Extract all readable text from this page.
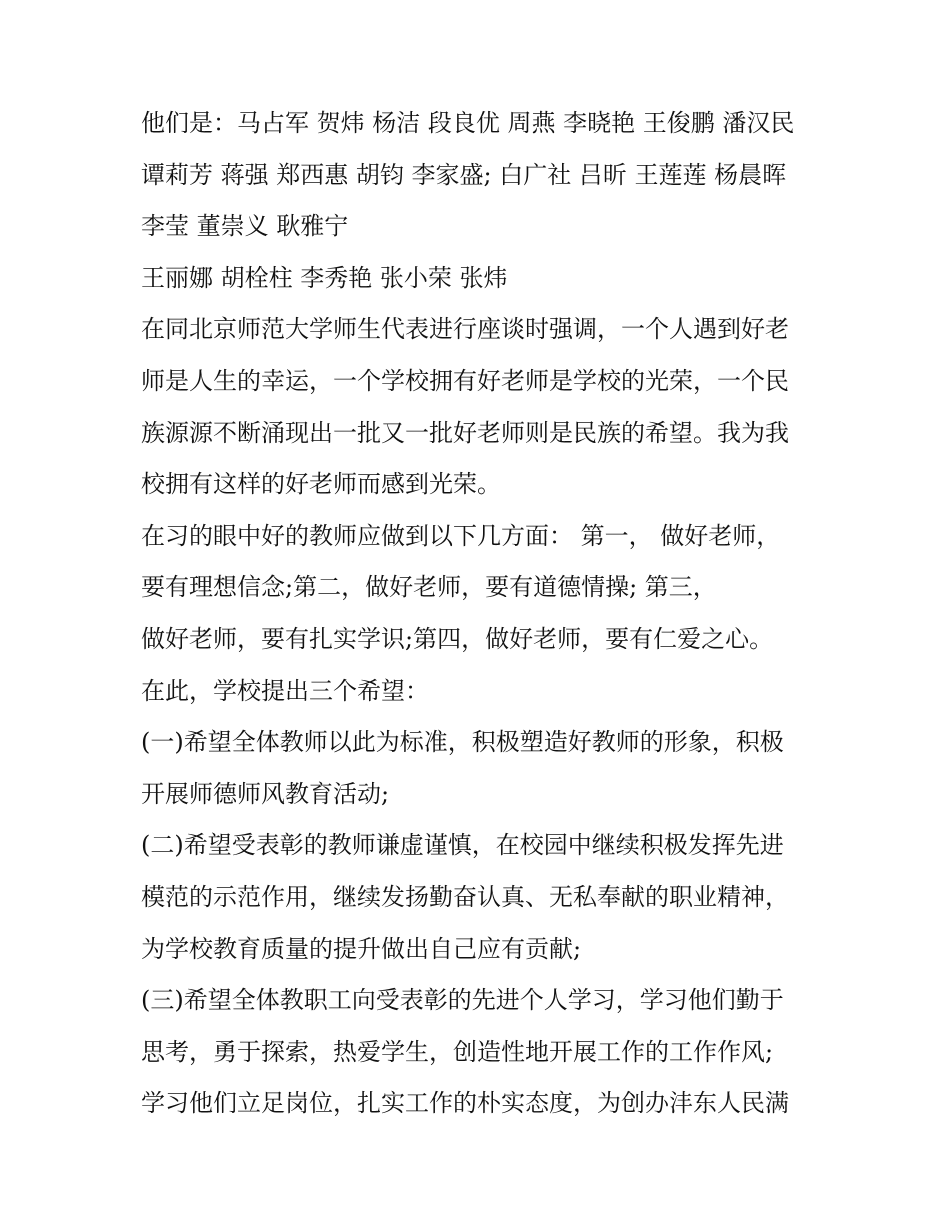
他们是：马占军 贺炜 杨洁 段良优 周燕 李晓艳 王俊鹏 潘汉民
谭莉芳 蒋强 郑西惠 胡钧 李家盛; 白广社 吕昕 王莲莲 杨晨晖
李莹 董崇义 耿雅宁
王丽娜 胡栓柱 李秀艳 张小荣 张炜
在同北京师范大学师生代表进行座谈时强调，一个人遇到好老
师是人生的幸运，一个学校拥有好老师是学校的光荣，一个民
族源源不断涌现出一批又一批好老师则是民族的希望。我为我
校拥有这样的好老师而感到光荣。
在习的眼中好的教师应做到以下几方面： 第一， 做好老师，
要有理想信念;第二，做好老师，要有道德情操; 第三，
做好老师，要有扎实学识;第四，做好老师，要有仁爱之心。
在此，学校提出三个希望：
(一)希望全体教师以此为标准，积极塑造好教师的形象，积极
开展师德师风教育活动;
(二)希望受表彰的教师谦虚谨慎，在校园中继续积极发挥先进
模范的示范作用，继续发扬勤奋认真、无私奉献的职业精神，
为学校教育质量的提升做出自己应有贡献;
(三)希望全体教职工向受表彰的先进个人学习，学习他们勤于
思考，勇于探索，热爱学生，创造性地开展工作的工作作风;
学习他们立足岗位，扎实工作的朴实态度，为创办沣东人民满
